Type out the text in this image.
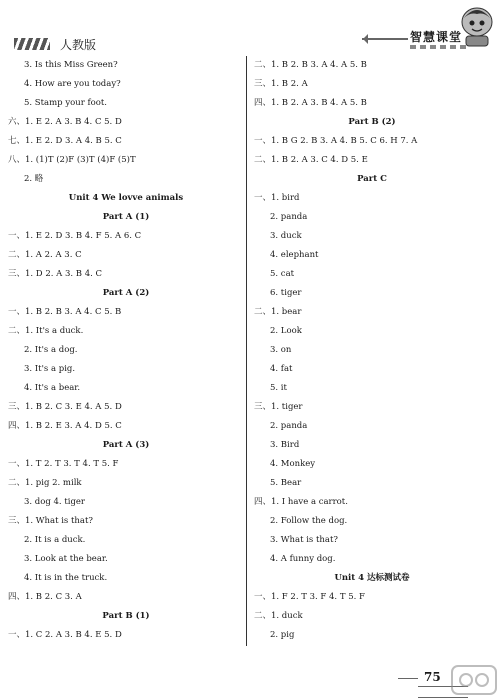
人教版
智慧课堂
3. Is this Miss Green?
4. How are you today?
5. Stamp your foot.
六、1. E 2. A 3. B 4. C 5. D
七、1. E 2. D 3. A 4. B 5. C
八、1. (1)T (2)F (3)T (4)F (5)T
2. 略
Unit 4 We lovve animals
Part A (1)
一、1. E 2. D 3. B 4. F 5. A 6. C
二、1. A 2. A 3. C
三、1. D 2. A 3. B 4. C
Part A (2)
一、1. B 2. B 3. A 4. C 5. B
二、1. It's a duck.
2. It's a dog.
3. It's a pig.
4. It's a bear.
三、1. B 2. C 3. E 4. A 5. D
四、1. B 2. E 3. A 4. D 5. C
Part A (3)
一、1. T 2. T 3. T 4. T 5. F
二、1. pig 2. milk
3. dog 4. tiger
三、1. What is that?
2. It is a duck.
3. Look at the bear.
4. It is in the truck.
四、1. B 2. C 3. A
Part B (1)
一、1. C 2. A 3. B 4. E 5. D
二、1. B 2. B 3. A 4. A 5. B
三、1. B 2. A
四、1. B 2. A 3. B 4. A 5. B
Part B (2)
一、1. B G 2. B 3. A 4. B 5. C 6. H 7. A
二、1. B 2. A 3. C 4. D 5. E
Part C
一、1. bird
2. panda
3. duck
4. elephant
5. cat
6. tiger
二、1. bear
2. Look
3. on
4. fat
5. it
三、1. tiger
2. panda
3. Bird
4. Monkey
5. Bear
四、1. I have a carrot.
2. Follow the dog.
3. What is that?
4. A funny dog.
Unit 4 达标测试卷
一、1. F 2. T 3. F 4. T 5. F
二、1. duck
2. pig
75
